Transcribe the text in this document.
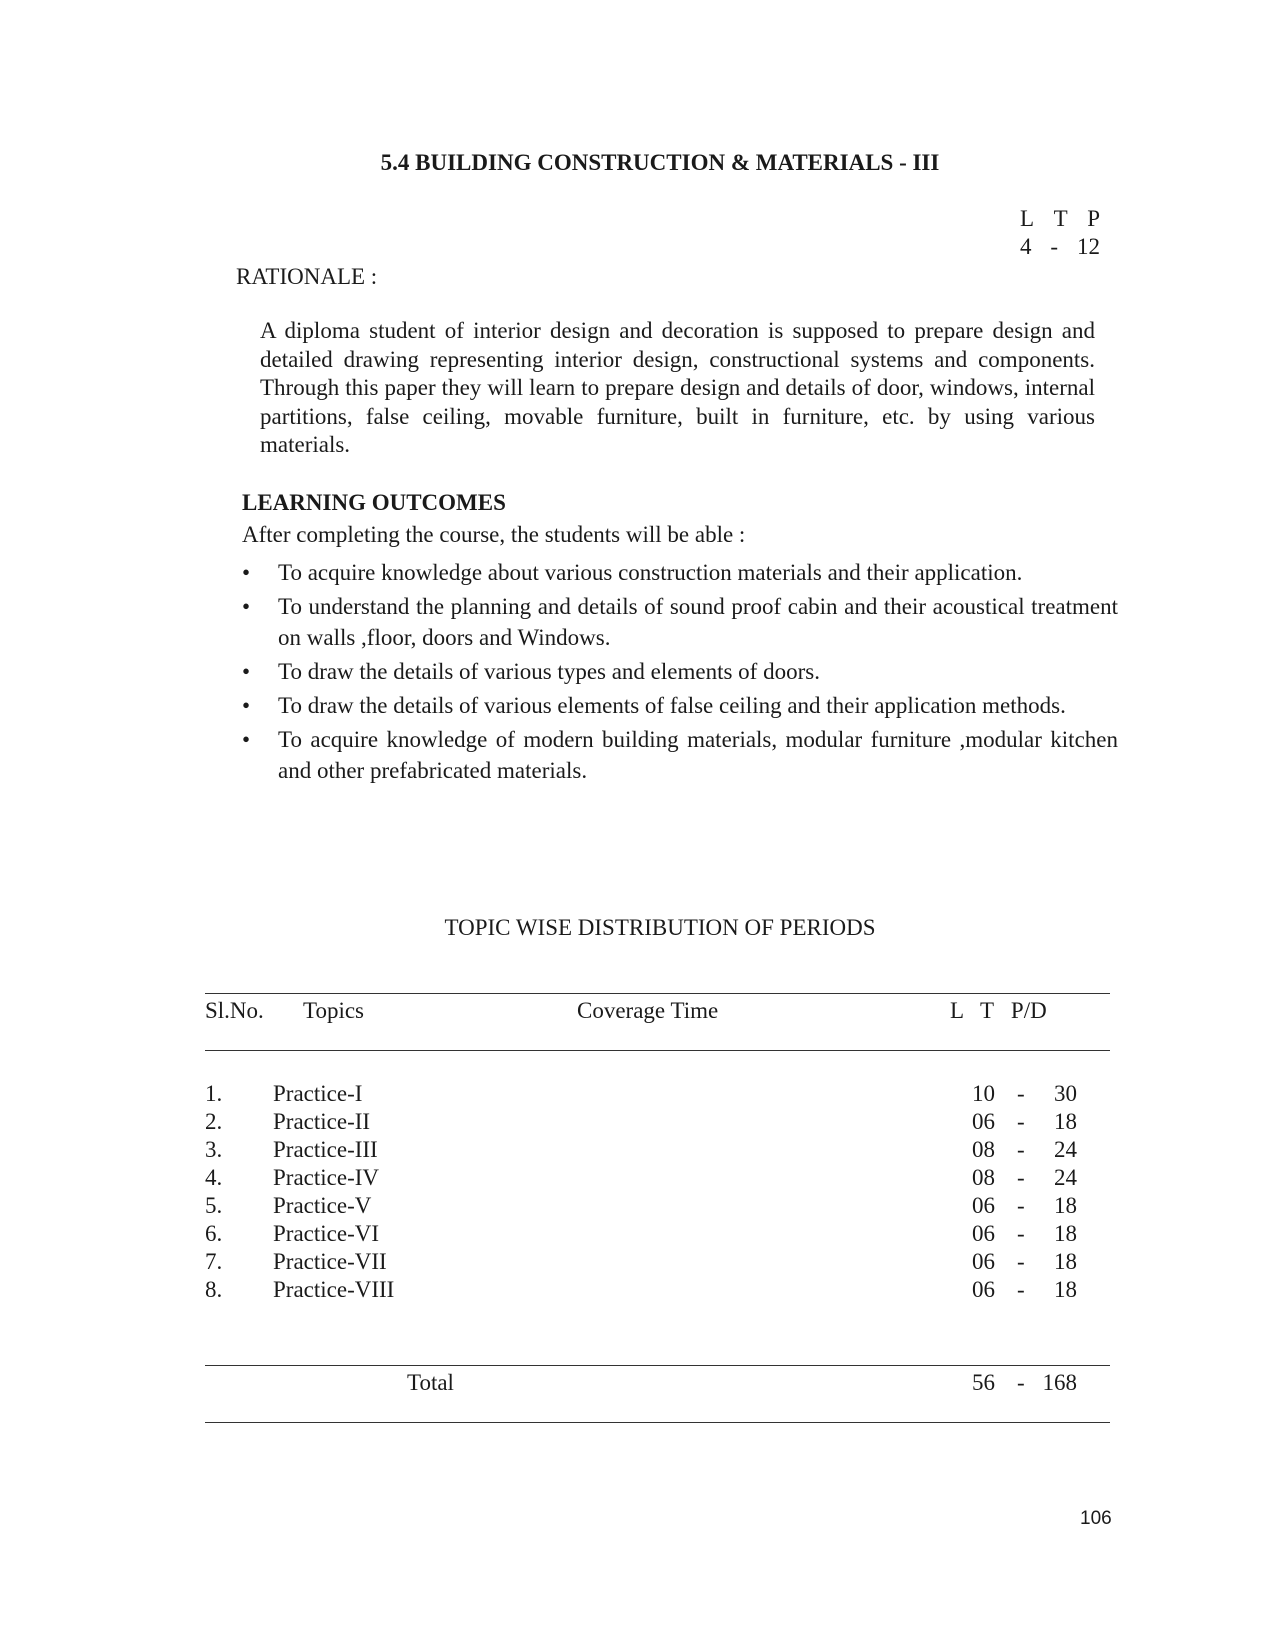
5.4 BUILDING CONSTRUCTION & MATERIALS - III
L T P
4 - 12
RATIONALE :
A diploma student of interior design and decoration is supposed to prepare design and detailed drawing representing interior design, constructional systems and components. Through this paper they will learn to prepare design and details of door, windows, internal partitions, false ceiling, movable furniture, built in furniture, etc. by using various materials.
LEARNING OUTCOMES
After completing the course, the students will be able :
• To acquire knowledge about various construction materials and their application.
• To understand the planning and details of sound proof cabin and their acoustical treatment on walls ,floor, doors and Windows.
• To draw the details of various types and elements of doors.
• To draw the details of various elements of false ceiling and their application methods.
• To acquire knowledge of modern building materials, modular furniture ,modular kitchen and other prefabricated materials.
TOPIC WISE DISTRIBUTION OF PERIODS
Sl.No. Topics	Coverage Time	L   T   P/D
1. Practice-I	10 -	30
2. Practice-II	06 -	18
3. Practice-III	08 -	24
4. Practice-IV	08 -	24
5. Practice-V	06 -	18
6. Practice-VI	06 -	18
7. Practice-VII	06 -	18
8. Practice-VIII	06 -	18
Total	56 - 168
106
